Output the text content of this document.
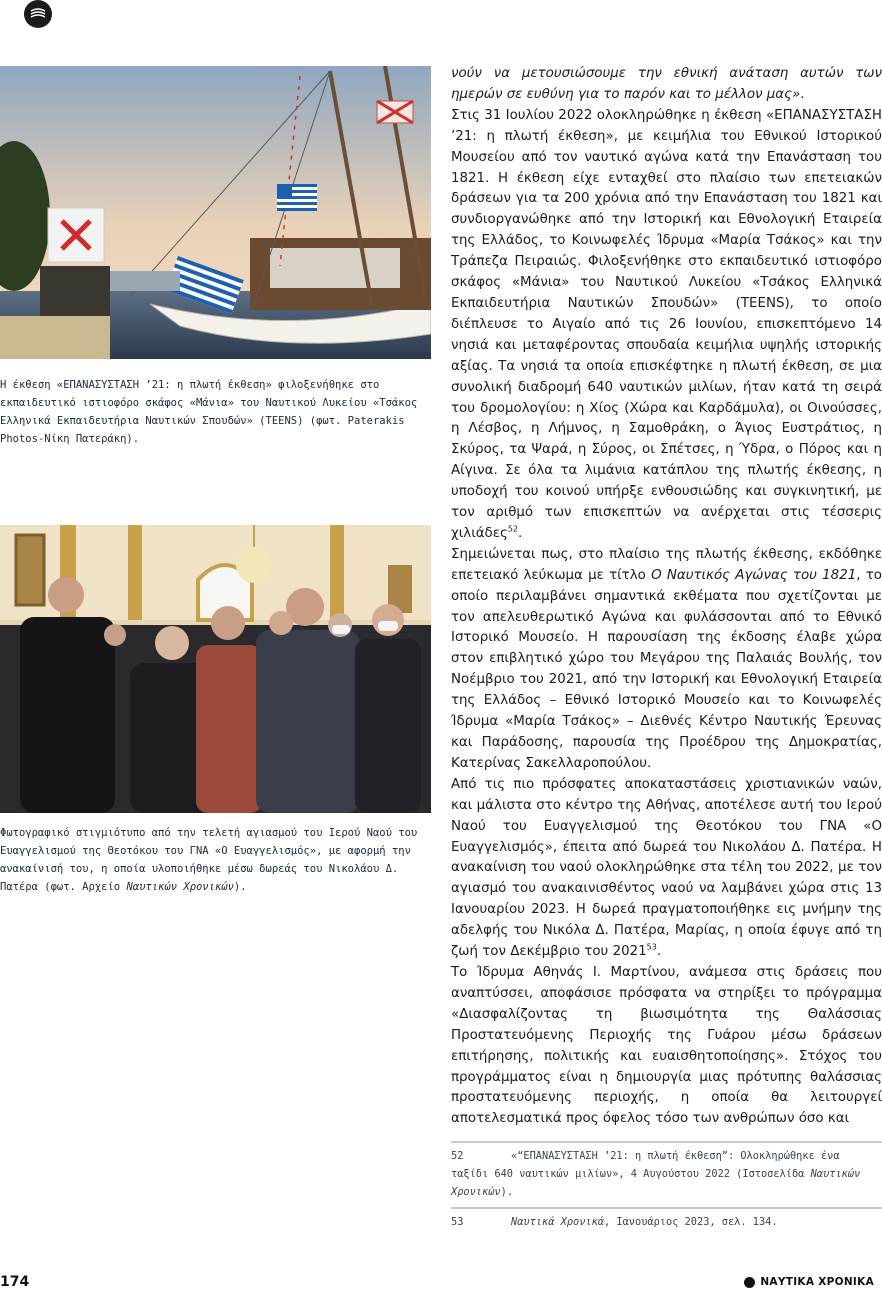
Η έκθεση «ΕΠΑΝΑΣΥΣΤΑΣΗ ’21: η πλωτή έκθεση» φιλοξενήθηκε στο εκπαιδευτικό ιστιοφόρο σκάφος «Μάνια» του Ναυτικού Λυκείου «Τσάκος Ελληνικά Εκπαιδευτήρια Ναυτικών Σπουδών» (TEENS) (φωτ. Paterakis Photos-Νίκη Πατεράκη).

Φωτογραφικό στιγμιότυπο από την τελετή αγιασμού του Ιερού Ναού του Ευαγγελισμού της Θεοτόκου του ΓΝΑ «Ο Ευαγγελισμός», με αφορμή την ανακαίνισή του, η οποία υλοποιήθηκε μέσω δωρεάς του Νικολάου Δ. Πατέρα (φωτ. Αρχείο Ναυτικών Χρονικών).

νούν να μετουσιώσουμε την εθνική ανάταση αυτών των ημερών σε ευθύνη για το παρόν και το μέλλον μας».

Στις 31 Ιουλίου 2022 ολοκληρώθηκε η έκθεση «ΕΠΑΝΑΣΥΣΤΑΣΗ ’21: η πλωτή έκθεση», με κειμήλια του Εθνικού Ιστορικού Μουσείου από τον ναυτικό αγώνα κατά την Επανάσταση του 1821. Η έκθεση είχε ενταχθεί στο πλαίσιο των επετειακών δράσεων για τα 200 χρόνια από την Επανάσταση του 1821 και συνδιοργανώθηκε από την Ιστορική και Εθνολογική Εταιρεία της Ελλάδος, το Κοινωφελές Ίδρυμα «Μαρία Τσάκος» και την Τράπεζα Πειραιώς. Φιλοξενήθηκε στο εκπαιδευτικό ιστιοφόρο σκάφος «Μάνια» του Ναυτικού Λυκείου «Τσάκος Ελληνικά Εκπαιδευτήρια Ναυτικών Σπουδών» (TEENS), το οποίο διέπλευσε το Αιγαίο από τις 26 Ιουνίου, επισκεπτόμενο 14 νησιά και μεταφέροντας σπουδαία κειμήλια υψηλής ιστορικής αξίας. Τα νησιά τα οποία επισκέφτηκε η πλωτή έκθεση, σε μια συνολική διαδρομή 640 ναυτικών μιλίων, ήταν κατά τη σειρά του δρομολογίου: η Χίος (Χώρα και Καρδάμυλα), οι Οινούσσες, η Λέσβος, η Λήμνος, η Σαμοθράκη, ο Άγιος Ευστράτιος, η Σκύρος, τα Ψαρά, η Σύρος, οι Σπέτσες, η Ύδρα, ο Πόρος και η Αίγινα. Σε όλα τα λιμάνια κατάπλου της πλωτής έκθεσης, η υποδοχή του κοινού υπήρξε ενθουσιώδης και συγκινητική, με τον αριθμό των επισκεπτών να ανέρχεται στις τέσσερις χιλιάδες$^{52}$.

Σημειώνεται πως, στο πλαίσιο της πλωτής έκθεσης, εκδόθηκε επετειακό λεύκωμα με τίτλο Ο Ναυτικός Αγώνας του 1821, το οποίο περιλαμβάνει σημαντικά εκθέματα που σχετίζονται με τον απελευθερωτικό Αγώνα και φυλάσσονται από το Εθνικό Ιστορικό Μουσείο. Η παρουσίαση της έκδοσης έλαβε χώρα στον επιβλητικό χώρο του Μεγάρου της Παλαιάς Βουλής, τον Νοέμβριο του 2021, από την Ιστορική και Εθνολογική Εταιρεία της Ελλάδος – Εθνικό Ιστορικό Μουσείο και το Κοινωφελές Ίδρυμα «Μαρία Τσάκος» – Διεθνές Κέντρο Ναυτικής Έρευνας και Παράδοσης, παρουσία της Προέδρου της Δημοκρατίας, Κατερίνας Σακελλαροπούλου.

Από τις πιο πρόσφατες αποκαταστάσεις χριστιανικών ναών, και μάλιστα στο κέντρο της Αθήνας, αποτέλεσε αυτή του Ιερού Ναού του Ευαγγελισμού της Θεοτόκου του ΓΝΑ «Ο Ευαγγελισμός», έπειτα από δωρεά του Νικολάου Δ. Πατέρα. Η ανακαίνιση του ναού ολοκληρώθηκε στα τέλη του 2022, με τον αγιασμό του ανακαινισθέντος ναού να λαμβάνει χώρα στις 13 Ιανουαρίου 2023. Η δωρεά πραγματοποιήθηκε εις μνήμην της αδελφής του Νικόλα Δ. Πατέρα, Μαρίας, η οποία έφυγε από τη ζωή τον Δεκέμβριο του 2021$^{53}$.

Το Ίδρυμα Αθηνάς Ι. Μαρτίνου, ανάμεσα στις δράσεις που αναπτύσσει, αποφάσισε πρόσφατα να στηρίξει το πρόγραμμα «Διασφαλίζοντας τη βιωσιμότητα της Θαλάσσιας Προστατευόμενης Περιοχής της Γυάρου μέσω δράσεων επιτήρησης, πολιτικής και ευαισθητοποίησης». Στόχος του προγράμματος είναι η δημιουργία μιας πρότυπης θαλάσσιας προστατευόμενης περιοχής, η οποία θα λειτουργεί αποτελεσματικά προς όφελος τόσο των ανθρώπων όσο και

52	«“ΕΠΑΝΑΣΥΣΤΑΣΗ ’21: η πλωτή έκθεση”: Ολοκληρώθηκε ένα ταξίδι 640 ναυτικών μιλίων», 4 Αυγούστου 2022 (Ιστοσελίδα Ναυτικών Χρονικών).
53	Ναυτικά Χρονικά, Ιανουάριος 2023, σελ. 134.
174	ΝΑΥΤΙΚΑ ΧΡΟΝΙΚΑ
